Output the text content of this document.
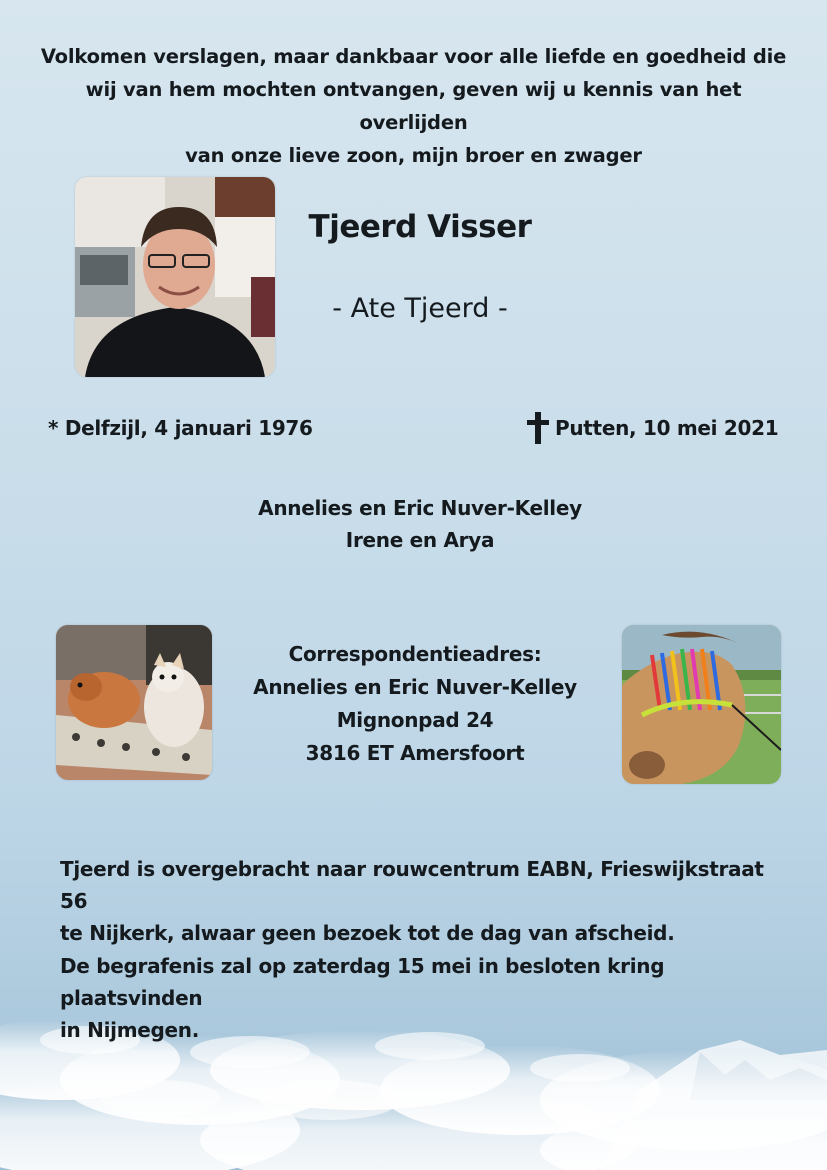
Volkomen verslagen, maar dankbaar voor alle liefde en goedheid die
wij van hem mochten ontvangen, geven wij u kennis van het overlijden
van onze lieve zoon, mijn broer en zwager
Tjeerd Visser
- Ate Tjeerd -
* Delfzijl, 4 januari 1976	Putten, 10 mei 2021
Annelies en Eric Nuver-Kelley
Irene en Arya
Correspondentieadres:
Annelies en Eric Nuver-Kelley
Mignonpad 24
3816 ET Amersfoort
Tjeerd is overgebracht naar rouwcentrum EABN, Frieswijkstraat 56
te Nijkerk, alwaar geen bezoek tot de dag van afscheid.
De begrafenis zal op zaterdag 15 mei in besloten kring plaatsvinden
in Nijmegen.
